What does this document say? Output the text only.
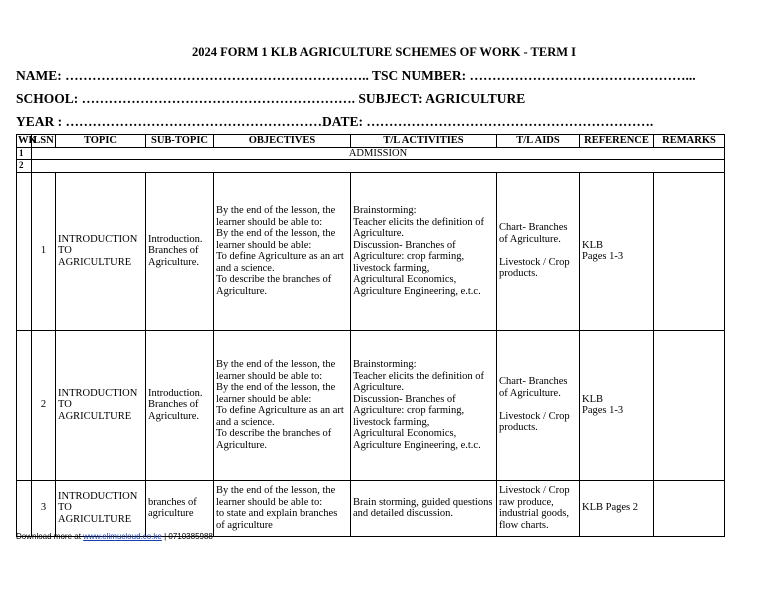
2024 FORM 1 KLB AGRICULTURE SCHEMES OF WORK - TERM I
NAME: ………………………………………………………….. TSC NUMBER: …………………………………………...
SCHOOL: ……………………………………………………. SUBJECT: AGRICULTURE
YEAR : …………………………………………………DATE: ……………………………………………………….
WK	LSN	TOPIC	SUB-TOPIC	OBJECTIVES	T/L ACTIVITIES	T/L AIDS	REFERENCE	REMARKS
1	ADMISSION							
2								
	1	INTRODUCTION TO AGRICULTURE	Introduction. Branches of Agriculture.	By the end of the lesson, the learner should be able to:
By the end of the lesson, the learner should be able:
To define Agriculture as an art and a science.
To describe the branches of Agriculture.	Brainstorming:
Teacher elicits the definition of Agriculture.
Discussion- Branches of Agriculture: crop farming, livestock farming,
Agricultural Economics, Agriculture Engineering, e.t.c.	Chart- Branches of Agriculture.

Livestock / Crop products.	KLB
Pages 1-3	
	2	INTRODUCTION TO AGRICULTURE	Introduction. Branches of Agriculture.	By the end of the lesson, the learner should be able to:
By the end of the lesson, the learner should be able:
To define Agriculture as an art and a science.
To describe the branches of Agriculture.	Brainstorming:
Teacher elicits the definition of Agriculture.
Discussion- Branches of Agriculture: crop farming, livestock farming,
Agricultural Economics, Agriculture Engineering, e.t.c.	Chart- Branches of Agriculture.

Livestock / Crop products.	KLB
Pages 1-3	
	3	INTRODUCTION TO AGRICULTURE	branches of agriculture	By the end of the lesson, the learner should be able to:
to state and explain branches of agriculture	Brain storming, guided questions and detailed discussion.	Livestock / Crop raw produce, industrial goods, flow charts.	KLB Pages 2	
Download more at www.elimucloud.co.ke | 0710385988
